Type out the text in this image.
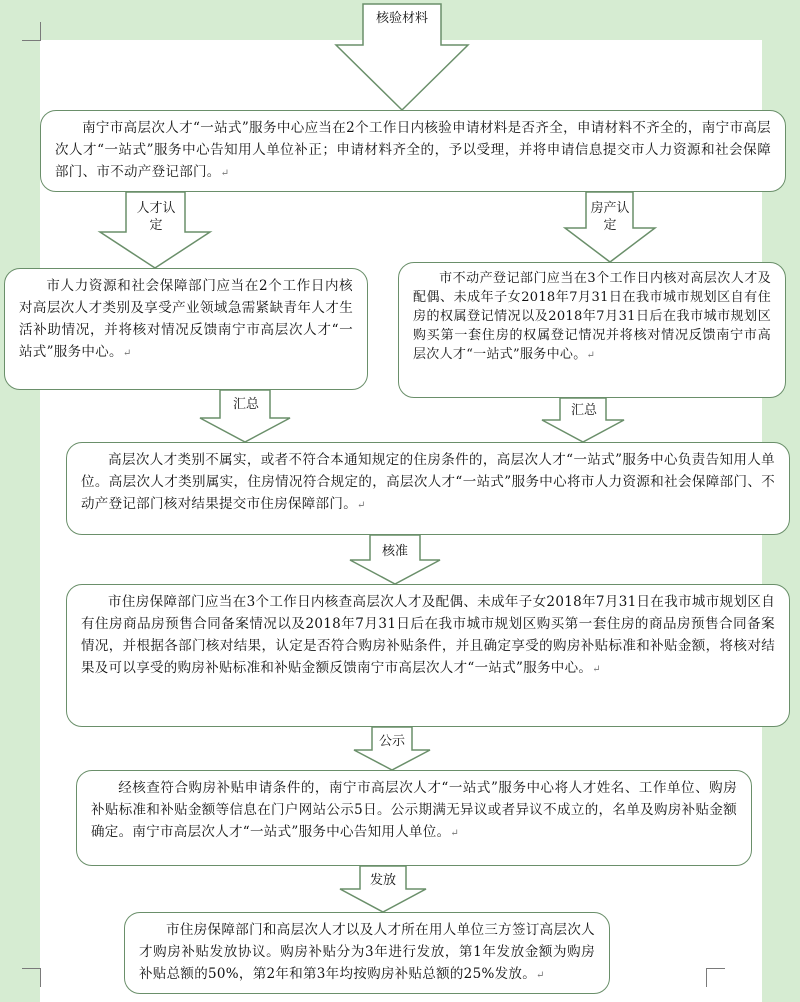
核验材料
南宁市高层次人才“一站式”服务中心应当在2个工作日内核验申请材料是否齐全，申请材料不齐全的，南宁市高层次人才“一站式”服务中心告知用人单位补正；申请材料齐全的，予以受理，并将申请信息提交市人力资源和社会保障部门、市不动产登记部门。↵
人才认定
房产认定
市人力资源和社会保障部门应当在2个工作日内核对高层次人才类别及享受产业领域急需紧缺青年人才生活补助情况，并将核对情况反馈南宁市高层次人才“一站式”服务中心。↵
市不动产登记部门应当在3个工作日内核对高层次人才及配偶、未成年子女2018年7月31日在我市城市规划区自有住房的权属登记情况以及2018年7月31日后在我市城市规划区购买第一套住房的权属登记情况并将核对情况反馈南宁市高层次人才“一站式”服务中心。↵
汇总	汇总
高层次人才类别不属实，或者不符合本通知规定的住房条件的，高层次人才“一站式”服务中心负责告知用人单位。高层次人才类别属实，住房情况符合规定的，高层次人才“一站式”服务中心将市人力资源和社会保障部门、不动产登记部门核对结果提交市住房保障部门。↵
核准
市住房保障部门应当在3个工作日内核查高层次人才及配偶、未成年子女2018年7月31日在我市城市规划区自有住房商品房预售合同备案情况以及2018年7月31日后在我市城市规划区购买第一套住房的商品房预售合同备案情况，并根据各部门核对结果，认定是否符合购房补贴条件，并且确定享受的购房补贴标准和补贴金额，将核对结果及可以享受的购房补贴标准和补贴金额反馈南宁市高层次人才“一站式”服务中心。↵
公示
经核查符合购房补贴申请条件的，南宁市高层次人才“一站式”服务中心将人才姓名、工作单位、购房补贴标准和补贴金额等信息在门户网站公示5日。公示期满无异议或者异议不成立的，名单及购房补贴金额确定。南宁市高层次人才“一站式”服务中心告知用人单位。↵
发放
市住房保障部门和高层次人才以及人才所在用人单位三方签订高层次人才购房补贴发放协议。购房补贴分为3年进行发放，第1年发放金额为购房补贴总额的50%，第2年和第3年均按购房补贴总额的25%发放。↵
